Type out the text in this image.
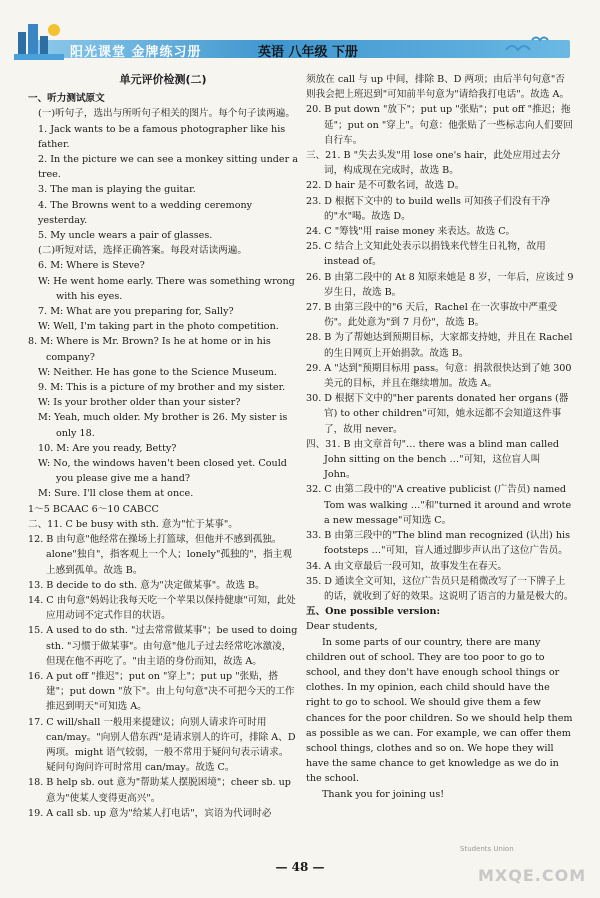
阳光课堂 金牌练习册	英语 八年级 下册

单元评价检测(二)

一、听力测试原文

(一)听句子，选出与所听句子相关的图片。每个句子读两遍。

1. Jack wants to be a famous photographer like his father.

2. In the picture we can see a monkey sitting under a tree.

3. The man is playing the guitar.

4. The Browns went to a wedding ceremony yesterday.

5. My uncle wears a pair of glasses.

(二)听短对话，选择正确答案。每段对话读两遍。

6. M: Where is Steve?

W: He went home early. There was something wrong with his eyes.

7. M: What are you preparing for, Sally?

W: Well, I'm taking part in the photo competition.

8. M: Where is Mr. Brown? Is he at home or in his company?

W: Neither. He has gone to the Science Museum.

9. M: This is a picture of my brother and my sister.

W: Is your brother older than your sister?

M: Yeah, much older. My brother is 26. My sister is only 18.

10. M: Are you ready, Betty?

W: No, the windows haven't been closed yet. Could you please give me a hand?

M: Sure. I'll close them at once.

1～5 BCAAC 6～10 CABCC

二、11. C be busy with sth. 意为"忙于某事"。

12. B 由句意"他经常在操场上打篮球，但他并不感到孤独。alone"独自"，指客观上一个人；lonely"孤独的"，指主观上感到孤单。故选 B。

13. B decide to do sth. 意为"决定做某事"。故选 B。

14. C 由句意"妈妈让我每天吃一个苹果以保持健康"可知，此处应用动词不定式作目的状语。

15. A used to do sth. "过去常常做某事"；be used to doing sth. "习惯于做某事"。由句意"他儿子过去经常吃冰激凌，但现在他不再吃了。"由主语的身份而知，故选 A。

16. A put off "推迟"；put on "穿上"；put up "张贴，搭建"；put down "放下"。由上句句意"决不可把今天的工作推迟到明天"可知选 A。

17. C will/shall 一般用来提建议；向别人请求许可时用 can/may。"向别人借东西"是请求别人的许可，排除 A、D 两项。might 语气较弱，一般不常用于疑问句表示请求。疑问句询问许可时常用 can/may。故选 C。

18. B help sb. out 意为"帮助某人摆脱困境"；cheer sb. up 意为"使某人变得更高兴"。

19. A call sb. up 意为"给某人打电话"，宾语为代词时必

须放在 call 与 up 中间，排除 B、D 两项；由后半句句意"否则我会把上班迟到"可知前半句意为"请给我打电话"。故选 A。

20. B put down "放下"；put up "张贴"；put off "推迟；拖延"；put on "穿上"。句意：他张贴了一些标志向人们要回自行车。

三、21. B "失去头发"用 lose one's hair，此处应用过去分词，构成现在完成时，故选 B。

22. D hair 是不可数名词，故选 D。

23. D 根据下文中的 to build wells 可知孩子们没有干净的"水"喝。故选 D。

24. C "筹钱"用 raise money 来表达。故选 C。

25. C 结合上文知此处表示以捐钱来代替生日礼物，故用 instead of。

26. B 由第二段中的 At 8 知原来她是 8 岁，一年后，应该过 9 岁生日，故选 B。

27. B 由第三段中的"6 天后，Rachel 在一次事故中严重受伤"。此处意为"到 7 月份"，故选 B。

28. B 为了帮她达到预期目标，大家都支持她，并且在 Rachel 的生日网页上开始捐款。故选 B。

29. A "达到"预期目标用 pass。句意：捐款很快达到了她 300 美元的目标，并且在继续增加。故选 A。

30. D 根据下文中的"her parents donated her organs (器官) to other children"可知，她永远都不会知道这件事了，故用 never。

四、31. B 由文章首句"… there was a blind man called John sitting on the bench …"可知，这位盲人叫 John。

32. C 由第二段中的"A creative publicist (广告员) named Tom was walking …"和"turned it around and wrote a new message"可知选 C。

33. B 由第三段中的"The blind man recognized (认出) his footsteps …"可知，盲人通过脚步声认出了这位广告员。

34. A 由文章最后一段可知，故事发生在春天。

35. D 通读全文可知，这位广告员只是稍微改写了一下牌子上的话，就收到了好的效果。这说明了语言的力量是极大的。

五、One possible version:

Dear students,

In some parts of our country, there are many children out of school. They are too poor to go to school, and they don't have enough school things or clothes. In my opinion, each child should have the right to go to school. We should give them a few chances for the poor children. So we should help them as possible as we can. For example, we can offer them school things, clothes and so on. We hope they will have the same chance to get knowledge as we do in the school.

Thank you for joining us!

— 48 —
Students Union
MXQE.COM
